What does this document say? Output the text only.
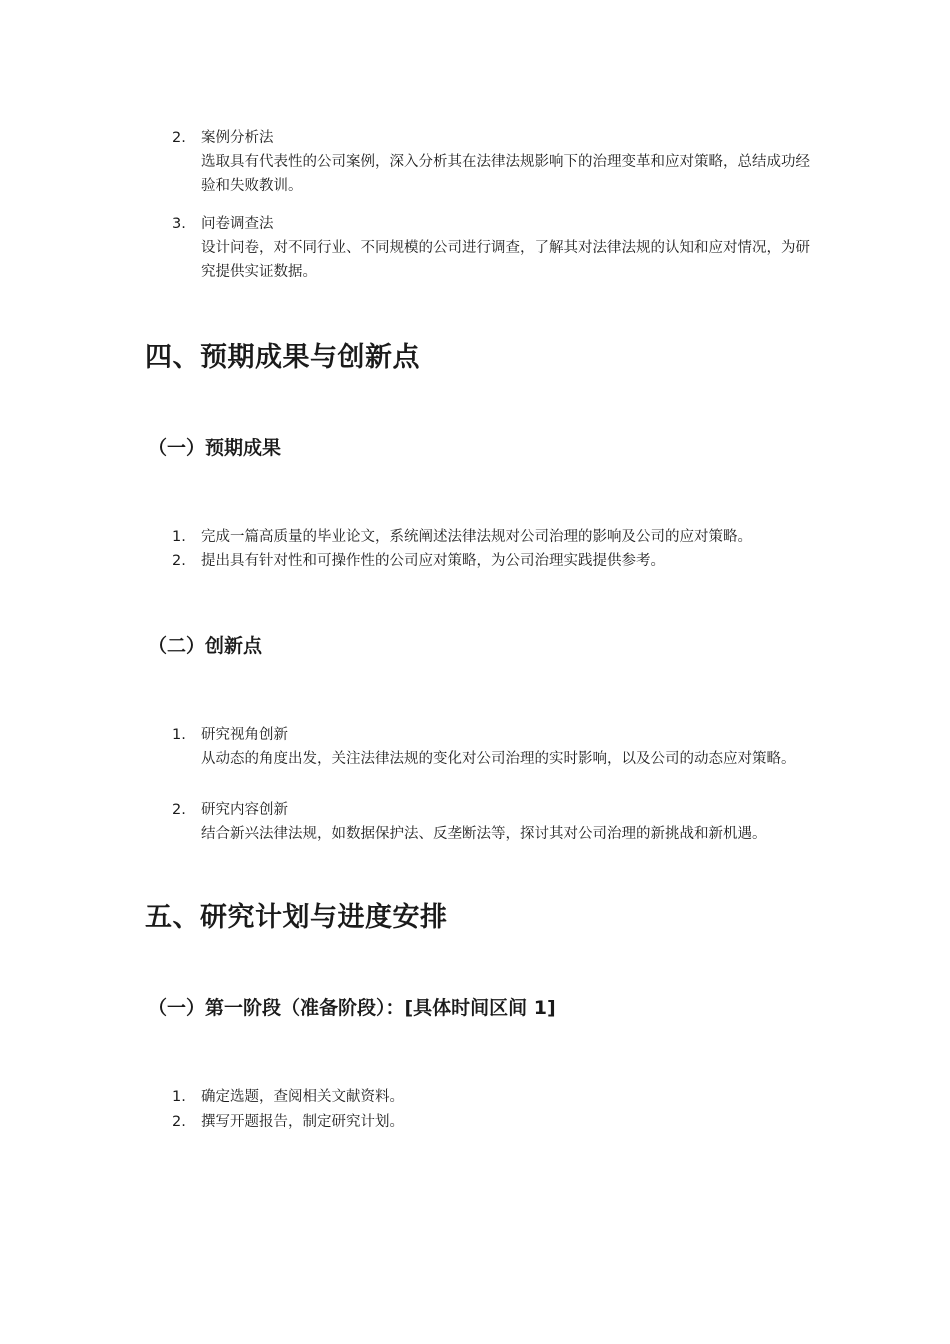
2. 案例分析法
选取具有代表性的公司案例，深入分析其在法律法规影响下的治理变革和应对策略，总结成功经验和失败教训。
3. 问卷调查法
设计问卷，对不同行业、不同规模的公司进行调查，了解其对法律法规的认知和应对情况，为研究提供实证数据。
四、预期成果与创新点
（一）预期成果
1. 完成一篇高质量的毕业论文，系统阐述法律法规对公司治理的影响及公司的应对策略。
2. 提出具有针对性和可操作性的公司应对策略，为公司治理实践提供参考。
（二）创新点
1. 研究视角创新
从动态的角度出发，关注法律法规的变化对公司治理的实时影响，以及公司的动态应对策略。
2. 研究内容创新
结合新兴法律法规，如数据保护法、反垄断法等，探讨其对公司治理的新挑战和新机遇。
五、研究计划与进度安排
（一）第一阶段（准备阶段）：[具体时间区间 1]
1. 确定选题，查阅相关文献资料。
2. 撰写开题报告，制定研究计划。
